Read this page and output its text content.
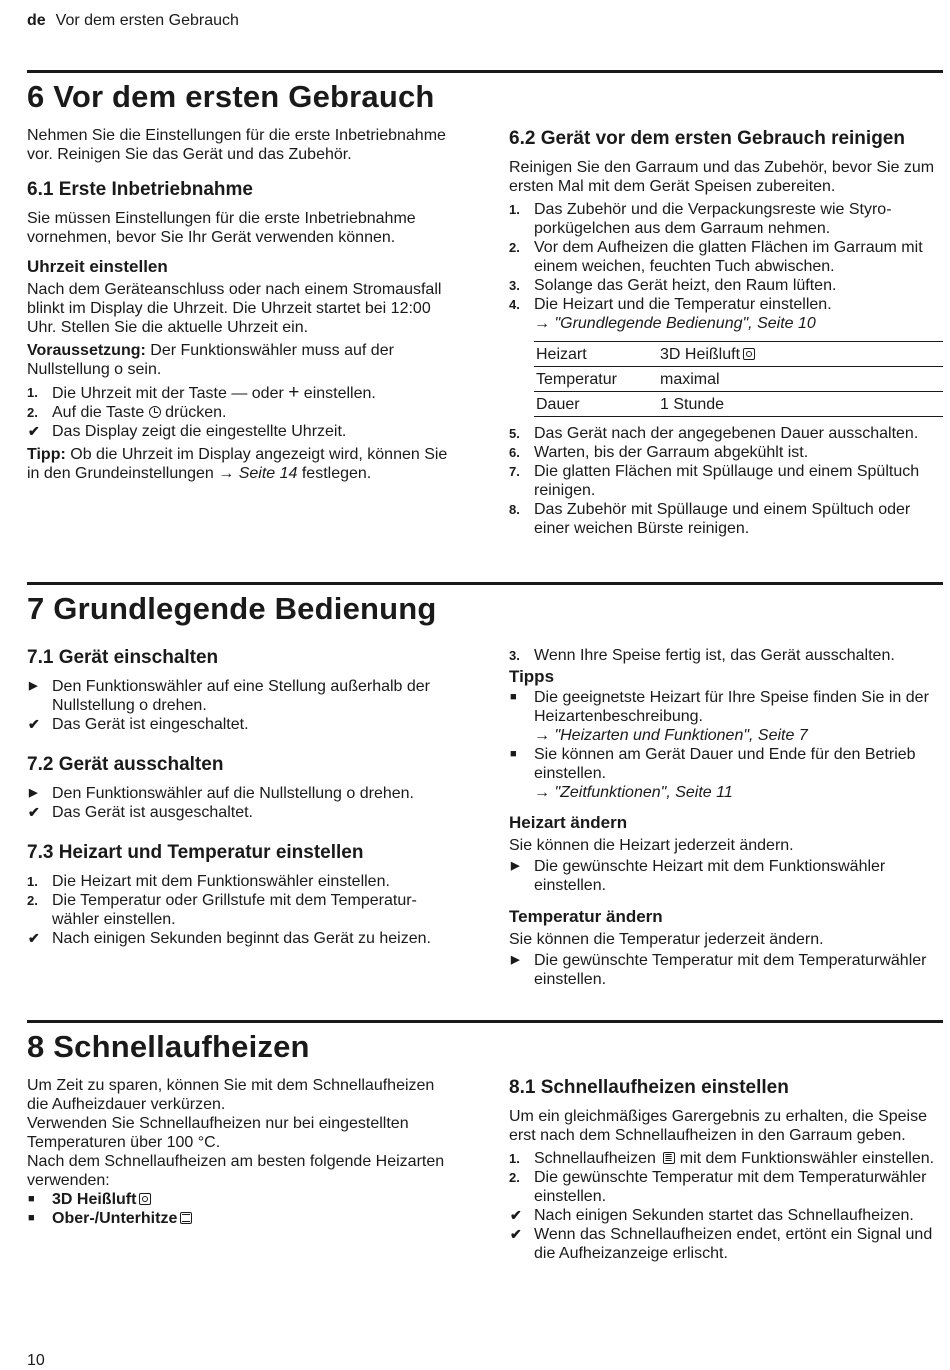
de Vor dem ersten Gebrauch
6 Vor dem ersten Gebrauch

Nehmen Sie die Einstellungen für die erste Inbetriebnahme vor. Reinigen Sie das Gerät und das Zubehör.

6.1 Erste Inbetriebnahme

Sie müssen Einstellungen für die erste Inbetriebnahme vornehmen, bevor Sie Ihr Gerät verwenden können.

Uhrzeit einstellen

Nach dem Geräteanschluss oder nach einem Stromausfall blinkt im Display die Uhrzeit. Die Uhrzeit startet bei 12:00 Uhr. Stellen Sie die aktuelle Uhrzeit ein.

Voraussetzung: Der Funktionswähler muss auf der Nullstellung o sein.

1. Die Uhrzeit mit der Taste — oder + einstellen.
2. Auf die Taste  drücken.
✔ Das Display zeigt die eingestellte Uhrzeit.

Tipp: Ob die Uhrzeit im Display angezeigt wird, können Sie in den Grundeinstellungen → Seite 14 festlegen.

6.2 Gerät vor dem ersten Gebrauch reinigen

Reinigen Sie den Garraum und das Zubehör, bevor Sie zum ersten Mal mit dem Gerät Speisen zubereiten.

1. Das Zubehör und die Verpackungsreste wie Styroporkügelchen aus dem Garraum nehmen.
2. Vor dem Aufheizen die glatten Flächen im Garraum mit einem weichen, feuchten Tuch abwischen.
3. Solange das Gerät heizt, den Raum lüften.
4. Die Heizart und die Temperatur einstellen.
→ "Grundlegende Bedienung", Seite 10
Heizart	3D Heißluft
Temperatur	maximal
Dauer	1 Stunde
5. Das Gerät nach der angegebenen Dauer ausschalten.
6. Warten, bis der Garraum abgekühlt ist.
7. Die glatten Flächen mit Spüllauge und einem Spültuch reinigen.
8. Das Zubehör mit Spüllauge und einem Spültuch oder einer weichen Bürste reinigen.
7 Grundlegende Bedienung
7.1 Gerät einschalten
▶ Den Funktionswähler auf eine Stellung außerhalb der Nullstellung o drehen.
✔ Das Gerät ist eingeschaltet.
7.2 Gerät ausschalten
▶ Den Funktionswähler auf die Nullstellung o drehen.
✔ Das Gerät ist ausgeschaltet.
7.3 Heizart und Temperatur einstellen
1. Die Heizart mit dem Funktionswähler einstellen.
2. Die Temperatur oder Grillstufe mit dem Temperaturwähler einstellen.
✔ Nach einigen Sekunden beginnt das Gerät zu heizen.
3. Wenn Ihre Speise fertig ist, das Gerät ausschalten.
Tipps
■ Die geeignetste Heizart für Ihre Speise finden Sie in der Heizartenbeschreibung.
→ "Heizarten und Funktionen", Seite 7
■ Sie können am Gerät Dauer und Ende für den Betrieb einstellen.
→ "Zeitfunktionen", Seite 11
Heizart ändern

Sie können die Heizart jederzeit ändern.

▶ Die gewünschte Heizart mit dem Funktionswähler einstellen.
Temperatur ändern

Sie können die Temperatur jederzeit ändern.

▶ Die gewünschte Temperatur mit dem Temperaturwähler einstellen.
8 Schnellaufheizen

Um Zeit zu sparen, können Sie mit dem Schnellaufheizen die Aufheizdauer verkürzen.

Verwenden Sie Schnellaufheizen nur bei eingestellten Temperaturen über 100 °C.

Nach dem Schnellaufheizen am besten folgende Heizarten verwenden:

■ 3D Heißluft
■ Ober-/Unterhitze
8.1 Schnellaufheizen einstellen

Um ein gleichmäßiges Garergebnis zu erhalten, die Speise erst nach dem Schnellaufheizen in den Garraum geben.

1. Schnellaufheizen ≣ mit dem Funktionswähler einstellen.
2. Die gewünschte Temperatur mit dem Temperaturwähler einstellen.
✔ Nach einigen Sekunden startet das Schnellaufheizen.
✔ Wenn das Schnellaufheizen endet, ertönt ein Signal und die Aufheizanzeige erlischt.
10
